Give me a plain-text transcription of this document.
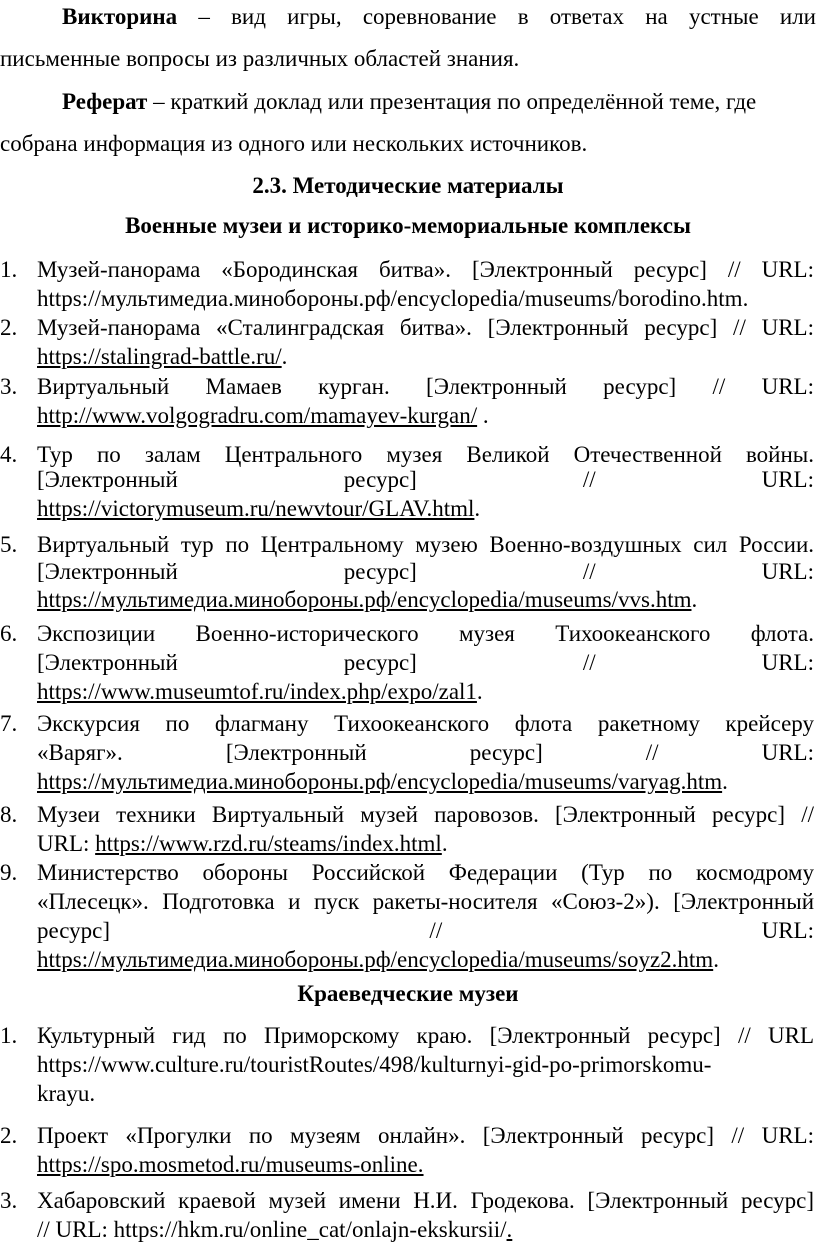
Викторина – вид игры, соревнование в ответах на устные или
письменные вопросы из различных областей знания.
Реферат – краткий доклад или презентация по определённой теме, где
собрана информация из одного или нескольких источников.
2.3. Методические материалы
Военные музеи и историко-мемориальные комплексы
1. Музей-панорама «Бородинская битва». [Электронный ресурс] // URL:
https://мультимедиа.минобороны.рф/encyclopedia/museums/borodino.htm.
2. Музей-панорама «Сталинградская битва». [Электронный ресурс] // URL:
https://stalingrad-battle.ru/.
3. Виртуальный Мамаев курган. [Электронный ресурс] // URL:
http://www.volgogradru.com/mamayev-kurgan/ .
4. Тур по залам Центрального музея Великой Отечественной войны.
[Электронный ресурс] // URL:
https://victorymuseum.ru/newvtour/GLAV.html.
5. Виртуальный тур по Центральному музею Военно-воздушных сил России.
[Электронный ресурс] // URL:
https://мультимедиа.минобороны.рф/encyclopedia/museums/vvs.htm.
6. Экспозиции Военно-исторического музея Тихоокеанского флота.
[Электронный ресурс] // URL:
https://www.museumtof.ru/index.php/expo/zal1.
7. Экскурсия по флагману Тихоокеанского флота ракетному крейсеру
«Варяг». [Электронный ресурс] // URL:
https://мультимедиа.минобороны.рф/encyclopedia/museums/varyag.htm.
8. Музеи техники Виртуальный музей паровозов. [Электронный ресурс] //
URL: https://www.rzd.ru/steams/index.html.
9. Министерство обороны Российской Федерации (Тур по космодрому
«Плесецк». Подготовка и пуск ракеты-носителя «Союз-2»). [Электронный
ресурс] // URL:
https://мультимедиа.минобороны.рф/encyclopedia/museums/soyz2.htm.
Краеведческие музеи
1. Культурный гид по Приморскому краю. [Электронный ресурс] // URL
https://www.culture.ru/touristRoutes/498/kulturnyi-gid-po-primorskomu-
krayu.
2. Проект «Прогулки по музеям онлайн». [Электронный ресурс] // URL:
https://spo.mosmetod.ru/museums-online.
3. Хабаровский краевой музей имени Н.И. Гродекова. [Электронный ресурс]
// URL: https://hkm.ru/online_cat/onlajn-ekskursii/.
